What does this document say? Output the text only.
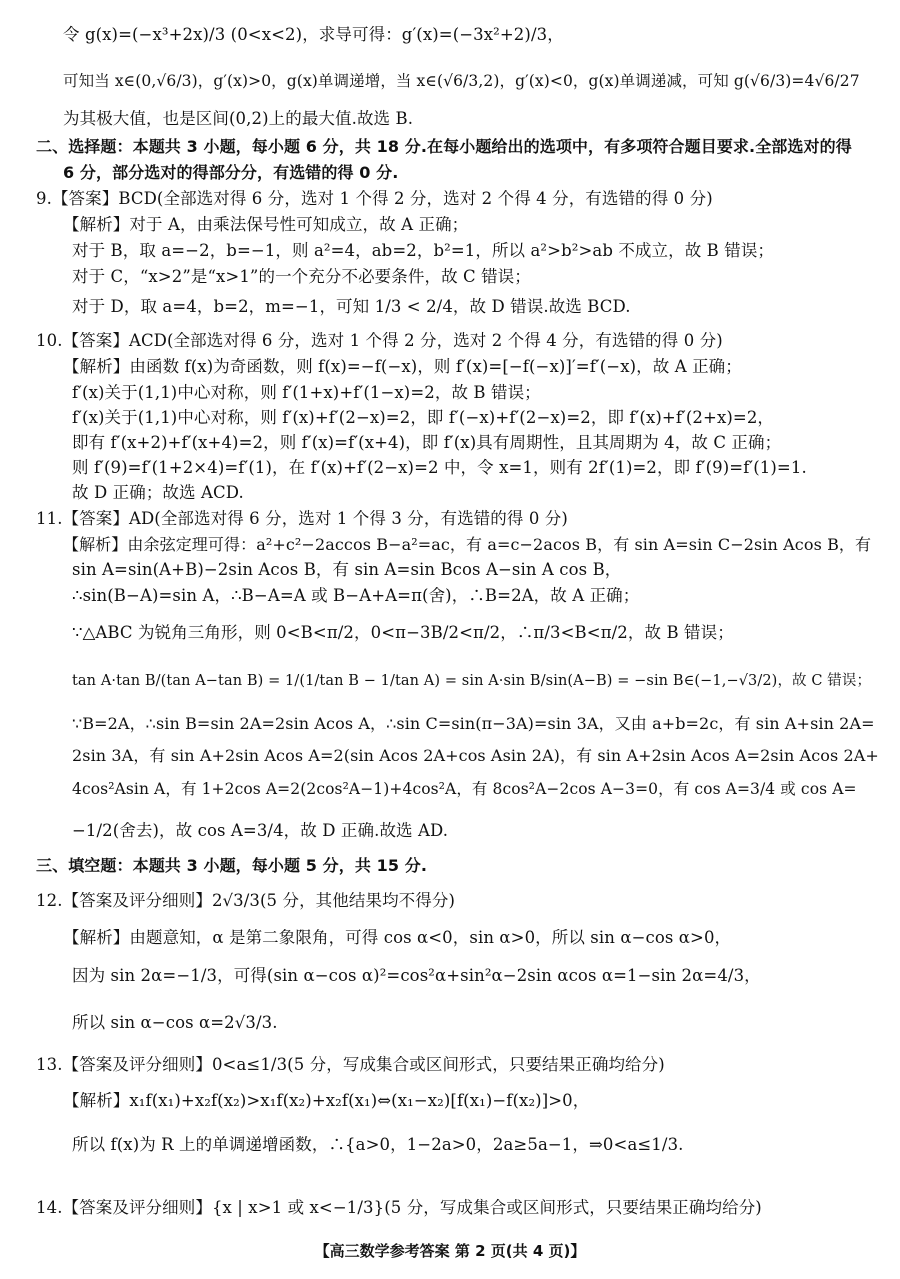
令 g(x)=(−x³+2x)/3 (0<x<2)，求导可得：g′(x)=(−3x²+2)/3，
可知当 x∈(0,√6/3)，g′(x)>0，g(x)单调递增，当 x∈(√6/3,2)，g′(x)<0，g(x)单调递减，可知 g(√6/3)=4√6/27
为其极大值，也是区间(0,2)上的最大值.故选 B.
二、选择题：本题共 3 小题，每小题 6 分，共 18 分.在每小题给出的选项中，有多项符合题目要求.全部选对的得
6 分，部分选对的得部分分，有选错的得 0 分.
9.【答案】BCD(全部选对得 6 分，选对 1 个得 2 分，选对 2 个得 4 分，有选错的得 0 分)
【解析】对于 A，由乘法保号性可知成立，故 A 正确；
对于 B，取 a=−2，b=−1，则 a²=4，ab=2，b²=1，所以 a²>b²>ab 不成立，故 B 错误；
对于 C，“x>2”是“x>1”的一个充分不必要条件，故 C 错误；
对于 D，取 a=4，b=2，m=−1，可知 1/3 < 2/4，故 D 错误.故选 BCD.
10.【答案】ACD(全部选对得 6 分，选对 1 个得 2 分，选对 2 个得 4 分，有选错的得 0 分)
【解析】由函数 f(x)为奇函数，则 f(x)=−f(−x)，则 f′(x)=[−f(−x)]′=f′(−x)，故 A 正确；
f′(x)关于(1,1)中心对称，则 f′(1+x)+f′(1−x)=2，故 B 错误；
f′(x)关于(1,1)中心对称，则 f′(x)+f′(2−x)=2，即 f′(−x)+f′(2−x)=2，即 f′(x)+f′(2+x)=2，
即有 f′(x+2)+f′(x+4)=2，则 f′(x)=f′(x+4)，即 f′(x)具有周期性，且其周期为 4，故 C 正确；
则 f′(9)=f′(1+2×4)=f′(1)，在 f′(x)+f′(2−x)=2 中，令 x=1，则有 2f′(1)=2，即 f′(9)=f′(1)=1.
故 D 正确；故选 ACD.
11.【答案】AD(全部选对得 6 分，选对 1 个得 3 分，有选错的得 0 分)
【解析】由余弦定理可得：a²+c²−2accos B−a²=ac，有 a=c−2acos B，有 sin A=sin C−2sin Acos B，有
sin A=sin(A+B)−2sin Acos B，有 sin A=sin Bcos A−sin A cos B，
∴sin(B−A)=sin A，∴B−A=A 或 B−A+A=π(舍)，∴B=2A，故 A 正确；
∵△ABC 为锐角三角形，则 0<B<π/2，0<π−3B/2<π/2，∴π/3<B<π/2，故 B 错误；
tan A·tan B/(tan A−tan B) = 1/(1/tan B − 1/tan A) = sin A·sin B/sin(A−B) = −sin B∈(−1,−√3/2)，故 C 错误；
∵B=2A，∴sin B=sin 2A=2sin Acos A，∴sin C=sin(π−3A)=sin 3A，又由 a+b=2c，有 sin A+sin 2A=
2sin 3A，有 sin A+2sin Acos A=2(sin Acos 2A+cos Asin 2A)，有 sin A+2sin Acos A=2sin Acos 2A+
4cos²Asin A，有 1+2cos A=2(2cos²A−1)+4cos²A，有 8cos²A−2cos A−3=0，有 cos A=3/4 或 cos A=
−1/2(舍去)，故 cos A=3/4，故 D 正确.故选 AD.
三、填空题：本题共 3 小题，每小题 5 分，共 15 分.
12.【答案及评分细则】2√3/3(5 分，其他结果均不得分)
【解析】由题意知，α 是第二象限角，可得 cos α<0，sin α>0，所以 sin α−cos α>0，
因为 sin 2α=−1/3，可得(sin α−cos α)²=cos²α+sin²α−2sin αcos α=1−sin 2α=4/3，
所以 sin α−cos α=2√3/3.
13.【答案及评分细则】0<a≤1/3(5 分，写成集合或区间形式，只要结果正确均给分)
【解析】x₁f(x₁)+x₂f(x₂)>x₁f(x₂)+x₂f(x₁)⇔(x₁−x₂)[f(x₁)−f(x₂)]>0，
所以 f(x)为 R 上的单调递增函数，∴{a>0，1−2a>0，2a≥5a−1，⇒0<a≤1/3.
14.【答案及评分细则】{x | x>1 或 x<−1/3}(5 分，写成集合或区间形式，只要结果正确均给分)
【高三数学参考答案 第 2 页(共 4 页)】
